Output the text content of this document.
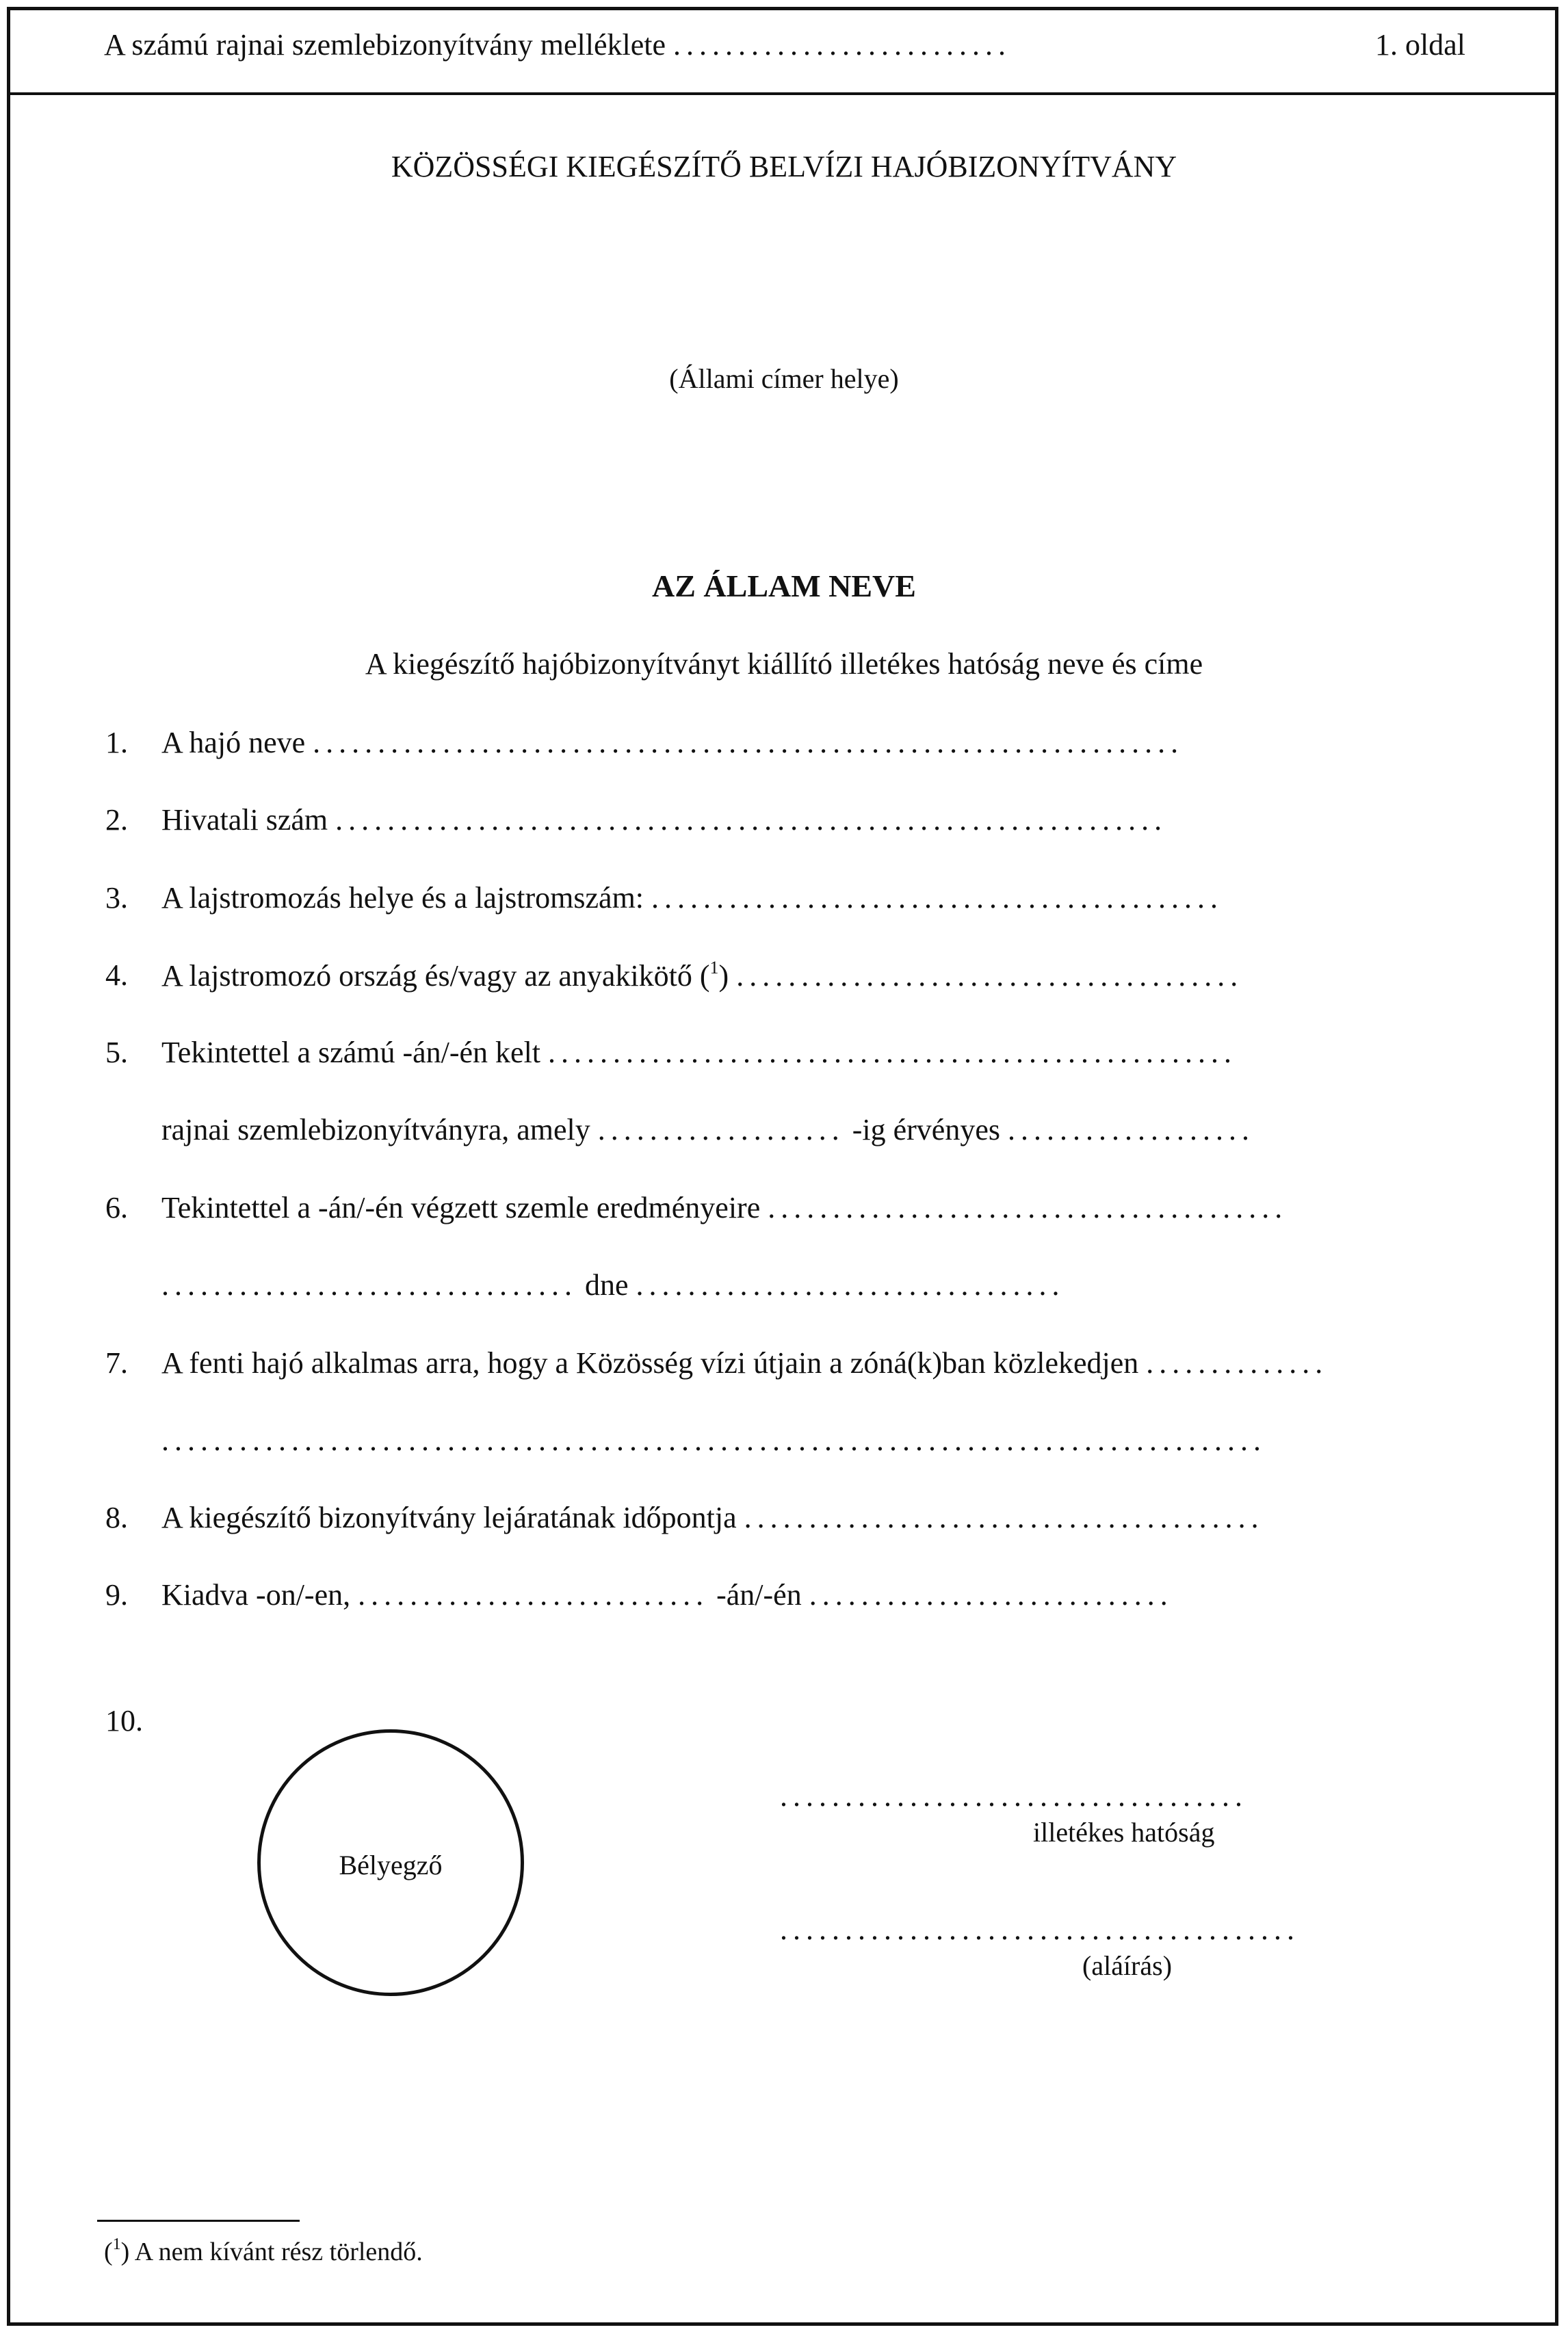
A számú rajnai szemlebizonyítvány melléklete ..........................	1. oldal
KÖZÖSSÉGI KIEGÉSZÍTŐ BELVÍZI HAJÓBIZONYÍTVÁNY
(Állami címer helye)
AZ ÁLLAM NEVE
A kiegészítő hajóbizonyítványt kiállító illetékes hatóság neve és címe
1. A hajó neve ...................................................................
2. Hivatali szám ................................................................
3. A lajstromozás helye és a lajstromszám: ............................................
4. A lajstromozó ország és/vagy az anyakikötő ($^1$) .......................................
5. Tekintettel a számú -án/-én kelt .....................................................
rajnai szemlebizonyítványra, amely ................... -ig érvényes ...................
6. Tekintettel a -án/-én végzett szemle eredményeire ........................................
................................ dne .................................
7. A fenti hajó alkalmas arra, hogy a Közösség vízi útjain a zóná(k)ban közlekedjen ..............
.....................................................................................
8. A kiegészítő bizonyítvány lejáratának időpontja ........................................
9. Kiadva -on/-en, ........................... -án/-én ............................
10.
Bélyegző
....................................
illetékes hatóság
........................................
(aláírás)
($^1$) A nem kívánt rész törlendő.
